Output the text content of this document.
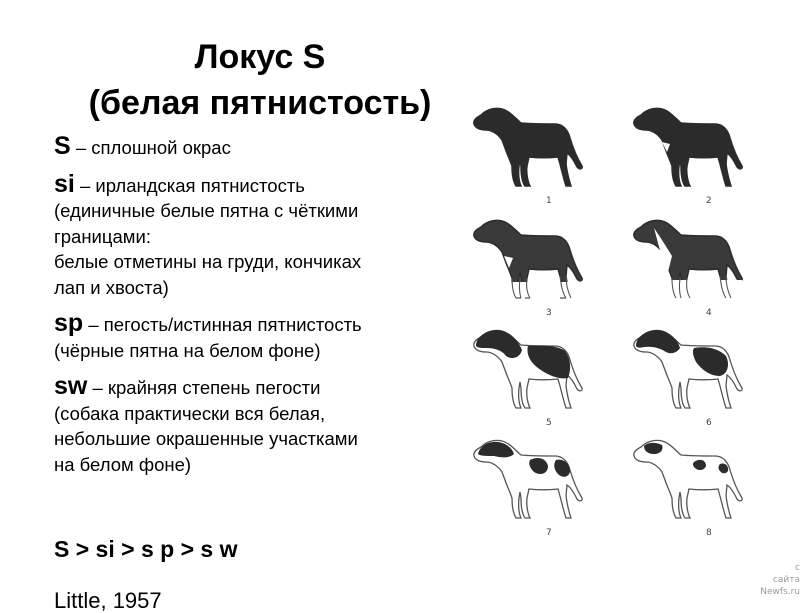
Локус S
(белая пятнистость)
S – сплошной окрас
si – ирландская пятнистость
(единичные белые пятна с чёткими
границами:
белые отметины на груди, кончиках
лап и хвоста)
sp – пегость/истинная пятнистость
(чёрные пятна на белом фоне)
sw – крайняя степень пегости
(собака практически вся белая,
небольшие окрашенные участками
на белом фоне)
S > si > s p > s w
Little, 1957
1	2
3	4
5	6
7	8
с
сайта
Newfs.ru
